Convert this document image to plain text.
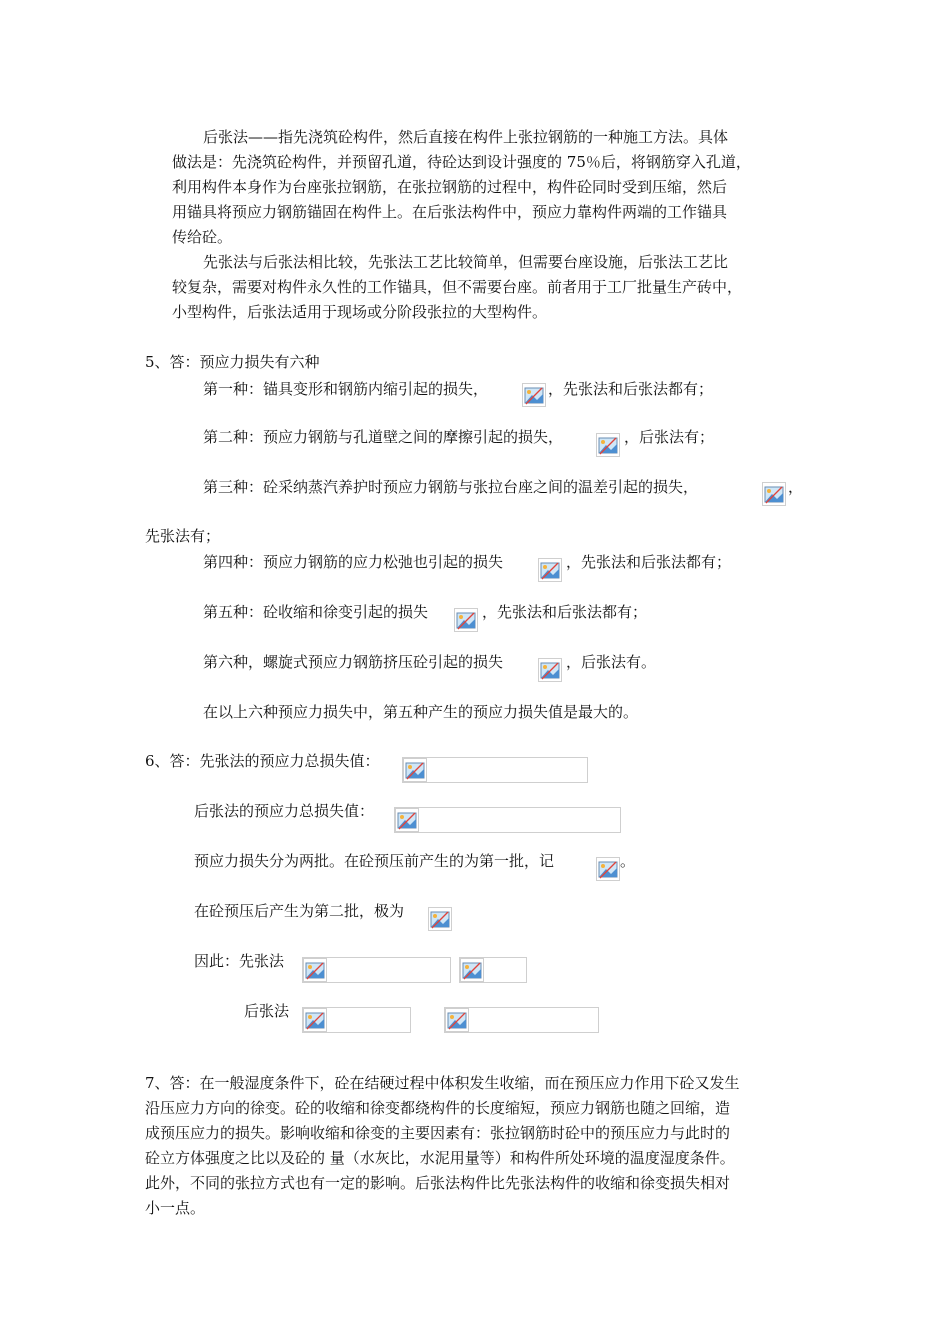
后张法——指先浇筑砼构件，然后直接在构件上张拉钢筋的一种施工方法。具体

做法是：先浇筑砼构件，并预留孔道，待砼达到设计强度的 75％后，将钢筋穿入孔道，

利用构件本身作为台座张拉钢筋，在张拉钢筋的过程中，构件砼同时受到压缩，然后

用锚具将预应力钢筋锚固在构件上。在后张法构件中，预应力靠构件两端的工作锚具

传给砼。

先张法与后张法相比较，先张法工艺比较简单，但需要台座设施，后张法工艺比

较复杂，需要对构件永久性的工作锚具，但不需要台座。前者用于工厂批量生产砖中，

小型构件，后张法适用于现场或分阶段张拉的大型构件。

5、答：预应力损失有六种

第一种：锚具变形和钢筋内缩引起的损失，	，先张法和后张法都有；

第二种：预应力钢筋与孔道壁之间的摩擦引起的损失，	，后张法有；

第三种：砼采纳蒸汽养护时预应力钢筋与张拉台座之间的温差引起的损失，	，

先张法有；

第四种：预应力钢筋的应力松弛也引起的损失	，先张法和后张法都有；

第五种：砼收缩和徐变引起的损失	，先张法和后张法都有；

第六种，螺旋式预应力钢筋挤压砼引起的损失	，后张法有。

在以上六种预应力损失中，第五种产生的预应力损失值是最大的。

6、答：先张法的预应力总损失值：

后张法的预应力总损失值：

预应力损失分为两批。在砼预压前产生的为第一批，记	。

在砼预压后产生为第二批，极为

因此：先张法

后张法

7、答：在一般湿度条件下，砼在结硬过程中体积发生收缩，而在预压应力作用下砼又发生

沿压应力方向的徐变。砼的收缩和徐变都绕构件的长度缩短，预应力钢筋也随之回缩，造

成预压应力的损失。影响收缩和徐变的主要因素有：张拉钢筋时砼中的预压应力与此时的

砼立方体强度之比以及砼的 量（水灰比，水泥用量等）和构件所处环境的温度湿度条件。

此外，不同的张拉方式也有一定的影响。后张法构件比先张法构件的收缩和徐变损失相对

小一点。
